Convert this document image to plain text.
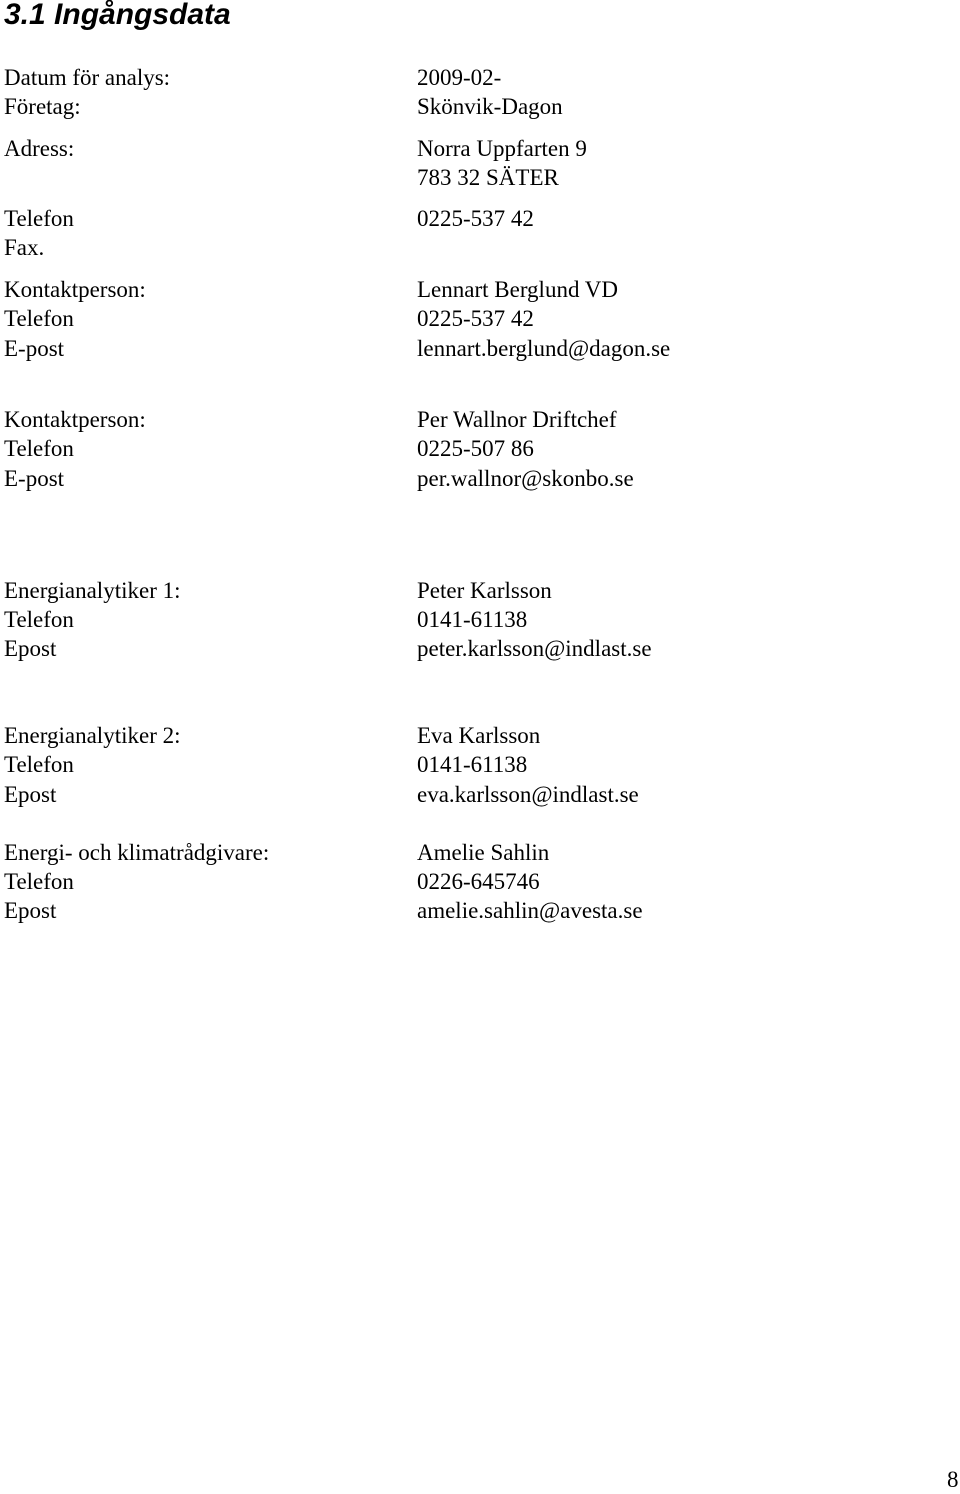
3.1 Ingångsdata
Datum för analys:	2009-02-
Företag:	Skönvik-Dagon
Adress:	Norra Uppfarten 9
783 32 SÄTER
Telefon	0225-537 42
Fax.
Kontaktperson:	Lennart Berglund VD
Telefon	0225-537 42
E-post	lennart.berglund@dagon.se
Kontaktperson:	Per Wallnor Driftchef
Telefon	0225-507 86
E-post	per.wallnor@skonbo.se
Energianalytiker 1:	Peter Karlsson
Telefon	0141-61138
Epost	peter.karlsson@indlast.se
Energianalytiker 2:	Eva Karlsson
Telefon	0141-61138
Epost	eva.karlsson@indlast.se
Energi- och klimatrådgivare:	Amelie Sahlin
Telefon	0226-645746
Epost	amelie.sahlin@avesta.se
8
